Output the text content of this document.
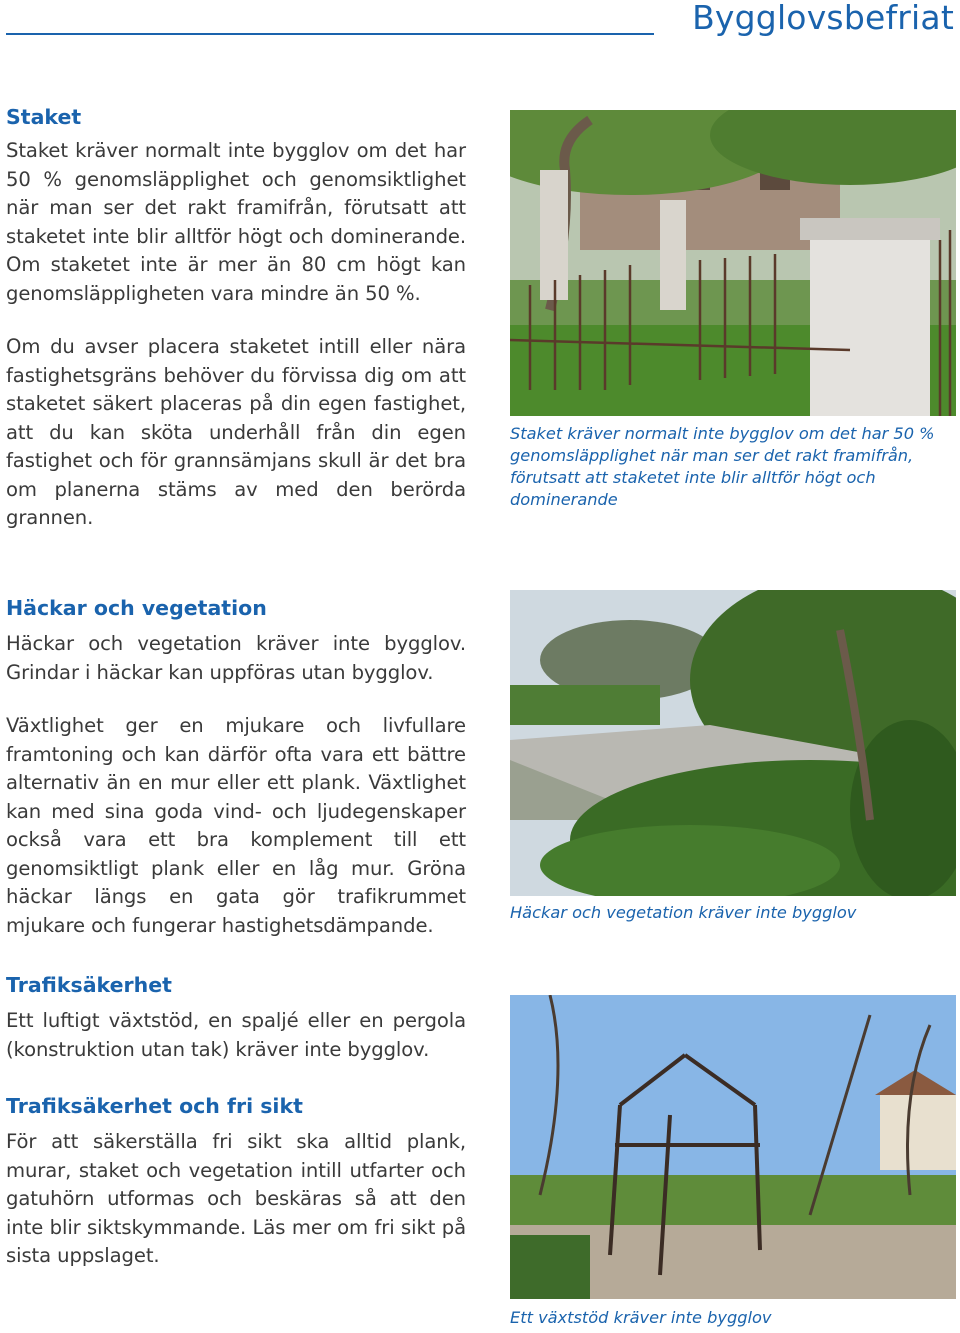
Bygglovsbefriat
Staket

Staket kräver normalt inte bygglov om det har 50 % genomsläpplighet och genomsiktlighet när man ser det rakt framifrån, förutsatt att staketet inte blir alltför högt och dominerande. Om staketet inte är mer än 80 cm högt kan genomsläppligheten vara mindre än 50 %.

Om du avser placera staketet intill eller nära fastighetsgräns behöver du förvissa dig om att staketet säkert placeras på din egen fastighet, att du kan sköta underhåll från din egen fastighet och för grannsämjans skull är det bra om planerna stäms av med den berörda grannen.

Häckar och vegetation

Häckar och vegetation kräver inte bygglov. Grindar i häckar kan uppföras utan bygglov.

Växtlighet ger en mjukare och livfullare framtoning och kan därför ofta vara ett bättre alternativ än en mur eller ett plank. Växtlighet kan med sina goda vind- och ljudegenskaper också vara ett bra komplement till ett genomsiktligt plank eller en låg mur. Gröna häckar längs en gata gör trafikrummet mjukare och fungerar hastighetsdämpande.

Trafiksäkerhet

Ett luftigt växtstöd, en spaljé eller en pergola (konstruktion utan tak) kräver inte bygglov.

Trafiksäkerhet och fri sikt

För att säkerställa fri sikt ska alltid plank, murar, staket och vegetation intill utfarter och gatuhörn utformas och beskäras så att den inte blir siktskymmande. Läs mer om fri sikt på sista uppslaget.

Staket kräver normalt inte bygglov om det har 50 % genomsläpplighet när man ser det rakt framifrån, förutsatt att staketet inte blir alltför högt och dominerande

Häckar och vegetation kräver inte bygglov

Ett växtstöd kräver inte bygglov
